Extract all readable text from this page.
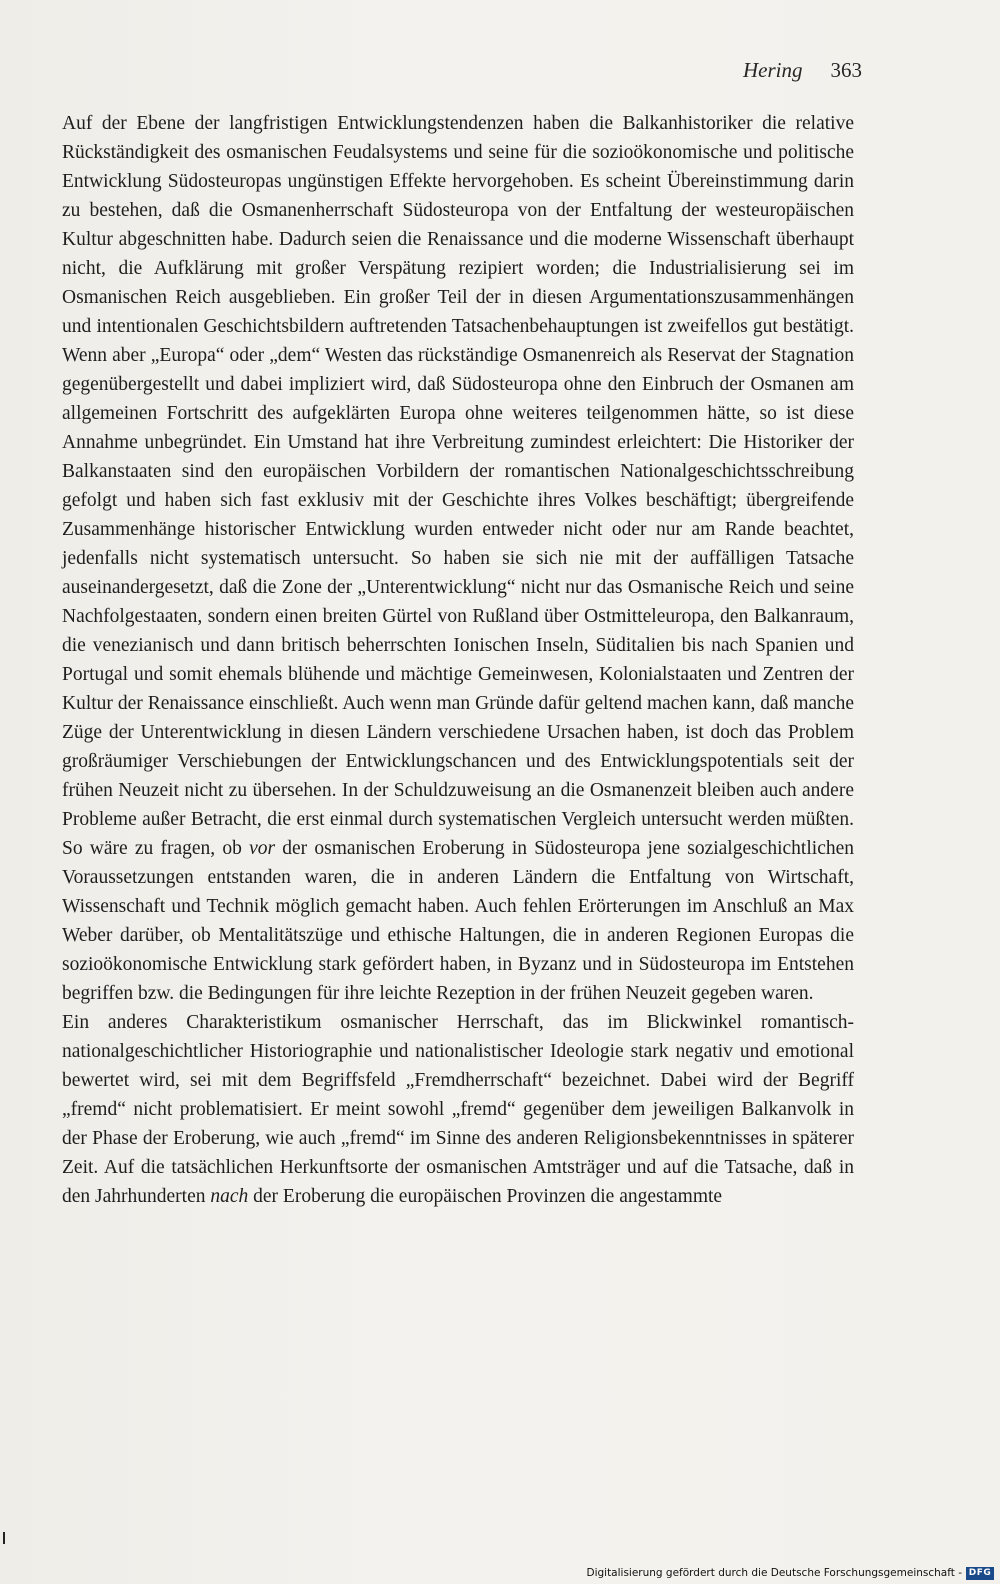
Hering 363

Auf der Ebene der langfristigen Entwicklungstendenzen haben die Balkanhistoriker die relative Rückständigkeit des osmanischen Feudalsystems und seine für die sozioökonomische und politische Entwicklung Südosteuropas ungünstigen Effekte hervorgehoben. Es scheint Übereinstimmung darin zu bestehen, daß die Osmanenherrschaft Südosteuropa von der Entfaltung der westeuropäischen Kultur abgeschnitten habe. Dadurch seien die Renaissance und die moderne Wissenschaft überhaupt nicht, die Aufklärung mit großer Verspätung rezipiert worden; die Industrialisierung sei im Osmanischen Reich ausgeblieben. Ein großer Teil der in diesen Argumentationszusammenhängen und intentionalen Geschichtsbildern auftretenden Tatsachenbehauptungen ist zweifellos gut bestätigt. Wenn aber „Europa“ oder „dem“ Westen das rückständige Osmanenreich als Reservat der Stagnation gegenübergestellt und dabei impliziert wird, daß Südosteuropa ohne den Einbruch der Osmanen am allgemeinen Fortschritt des aufgeklärten Europa ohne weiteres teilgenommen hätte, so ist diese Annahme unbegründet. Ein Umstand hat ihre Verbreitung zumindest erleichtert: Die Historiker der Balkanstaaten sind den europäischen Vorbildern der romantischen Nationalgeschichtsschreibung gefolgt und haben sich fast exklusiv mit der Geschichte ihres Volkes beschäftigt; übergreifende Zusammenhänge historischer Entwicklung wurden entweder nicht oder nur am Rande beachtet, jedenfalls nicht systematisch untersucht. So haben sie sich nie mit der auffälligen Tatsache auseinandergesetzt, daß die Zone der „Unterentwicklung“ nicht nur das Osmanische Reich und seine Nachfolgestaaten, sondern einen breiten Gürtel von Rußland über Ostmitteleuropa, den Balkanraum, die venezianisch und dann britisch beherrschten Ionischen Inseln, Süditalien bis nach Spanien und Portugal und somit ehemals blühende und mächtige Gemeinwesen, Kolonialstaaten und Zentren der Kultur der Renaissance einschließt. Auch wenn man Gründe dafür geltend machen kann, daß manche Züge der Unterentwicklung in diesen Ländern verschiedene Ursachen haben, ist doch das Problem großräumiger Verschiebungen der Entwicklungschancen und des Entwicklungspotentials seit der frühen Neuzeit nicht zu übersehen. In der Schuldzuweisung an die Osmanenzeit bleiben auch andere Probleme außer Betracht, die erst einmal durch systematischen Vergleich untersucht werden müßten. So wäre zu fragen, ob vor der osmanischen Eroberung in Südosteuropa jene sozialgeschichtlichen Voraussetzungen entstanden waren, die in anderen Ländern die Entfaltung von Wirtschaft, Wissenschaft und Technik möglich gemacht haben. Auch fehlen Erörterungen im Anschluß an Max Weber darüber, ob Mentalitätszüge und ethische Haltungen, die in anderen Regionen Europas die sozioökonomische Entwicklung stark gefördert haben, in Byzanz und in Südosteuropa im Entstehen begriffen bzw. die Bedingungen für ihre leichte Rezeption in der frühen Neuzeit gegeben waren.

Ein anderes Charakteristikum osmanischer Herrschaft, das im Blickwinkel romantisch-nationalgeschichtlicher Historiographie und nationalistischer Ideologie stark negativ und emotional bewertet wird, sei mit dem Begriffsfeld „Fremdherrschaft“ bezeichnet. Dabei wird der Begriff „fremd“ nicht problematisiert. Er meint sowohl „fremd“ gegenüber dem jeweiligen Balkanvolk in der Phase der Eroberung, wie auch „fremd“ im Sinne des anderen Religionsbekenntnisses in späterer Zeit. Auf die tatsächlichen Herkunftsorte der osmanischen Amtsträger und auf die Tatsache, daß in den Jahrhunderten nach der Eroberung die europäischen Provinzen die angestammte

Digitalisierung gefördert durch die Deutsche Forschungsgemeinschaft - DFG
